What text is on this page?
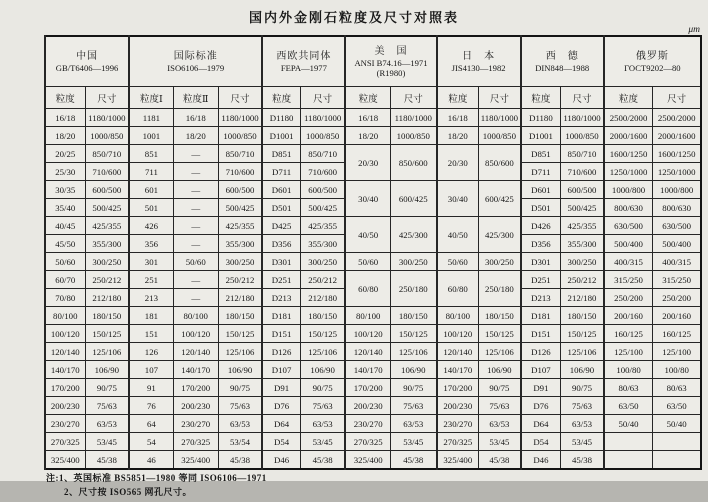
国内外金刚石粒度及尺寸对照表
μm
中国
GB/T6406—1996

国际标准
ISO6106—1979

西欧共同体
FEPA—1977

美　国
ANSI B74.16—1971
(R1980)

日　本
JIS4130—1982

西　德
DIN848—1988

俄罗斯
ГОСТ9202—80

粒度	尺寸	粒度Ⅰ	粒度Ⅱ	尺寸	粒度	尺寸	粒度	尺寸	粒度	尺寸	粒度	尺寸	粒度	尺寸
16/18	1180/1000	1181	16/18	1180/1000	D1180	1180/1000	16/18	1180/1000	16/18	1180/1000	D1180	1180/1000	2500/2000	2500/2000
18/20	1000/850	1001	18/20	1000/850	D1001	1000/850	18/20	1000/850	18/20	1000/850	D1001	1000/850	2000/1600	2000/1600
20/25	850/710	851	—	850/710	D851	850/710	20/30	850/600	20/30	850/600	D851	850/710	1600/1250	1600/1250
25/30	710/600	711	—	710/600	D711	710/600					D711	710/600	1250/1000	1250/1000
30/35	600/500	601	—	600/500	D601	600/500	30/40	600/425	30/40	600/425	D601	600/500	1000/800	1000/800
35/40	500/425	501	—	500/425	D501	500/425					D501	500/425	800/630	800/630
40/45	425/355	426	—	425/355	D425	425/355	40/50	425/300	40/50	425/300	D426	425/355	630/500	630/500
45/50	355/300	356	—	355/300	D356	355/300					D356	355/300	500/400	500/400
50/60	300/250	301	50/60	300/250	D301	300/250	50/60	300/250	50/60	300/250	D301	300/250	400/315	400/315
60/70	250/212	251	—	250/212	D251	250/212	60/80	250/180	60/80	250/180	D251	250/212	315/250	315/250
70/80	212/180	213	—	212/180	D213	212/180					D213	212/180	250/200	250/200
80/100	180/150	181	80/100	180/150	D181	180/150	80/100	180/150	80/100	180/150	D181	180/150	200/160	200/160
100/120	150/125	151	100/120	150/125	D151	150/125	100/120	150/125	100/120	150/125	D151	150/125	160/125	160/125
120/140	125/106	126	120/140	125/106	D126	125/106	120/140	125/106	120/140	125/106	D126	125/106	125/100	125/100
140/170	106/90	107	140/170	106/90	D107	106/90	140/170	106/90	140/170	106/90	D107	106/90	100/80	100/80
170/200	90/75	91	170/200	90/75	D91	90/75	170/200	90/75	170/200	90/75	D91	90/75	80/63	80/63
200/230	75/63	76	200/230	75/63	D76	75/63	200/230	75/63	200/230	75/63	D76	75/63	63/50	63/50
230/270	63/53	64	230/270	63/53	D64	63/53	230/270	63/53	230/270	63/53	D64	63/53	50/40	50/40
270/325	53/45	54	270/325	53/54	D54	53/45	270/325	53/45	270/325	53/45	D54	53/45		
325/400	45/38	46	325/400	45/38	D46	45/38	325/400	45/38	325/400	45/38	D46	45/38		
注:1、英国标准 BS5851—1980 等同 ISO6106—1971
2、尺寸按 ISO565 网孔尺寸。
